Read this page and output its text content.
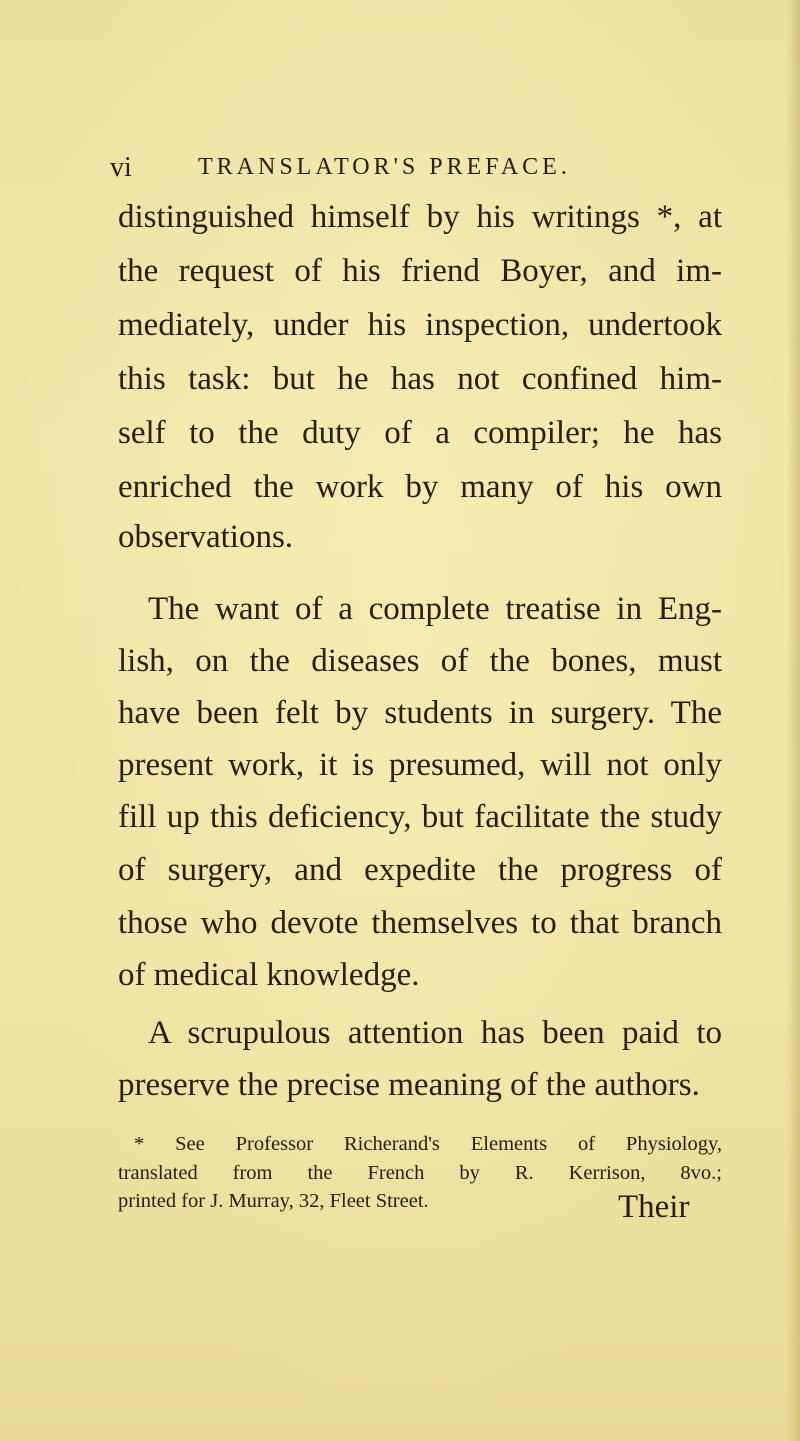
vi	TRANSLATOR'S PREFACE.
distinguished himself by his writings *, at
the request of his friend Boyer, and im-
mediately, under his inspection, undertook
this task: but he has not confined him-
self to the duty of a compiler; he has
enriched the work by many of his own
observations.
The want of a complete treatise in Eng-
lish, on the diseases of the bones, must
have been felt by students in surgery. The
present work, it is presumed, will not only
fill up this deficiency, but facilitate the study
of surgery, and expedite the progress of
those who devote themselves to that branch
of medical knowledge.
A scrupulous attention has been paid to
preserve the precise meaning of the authors.
* See Professor Richerand's Elements of Physiology,
translated from the French by R. Kerrison, 8vo.;
printed for J. Murray, 32, Fleet Street.	Their
